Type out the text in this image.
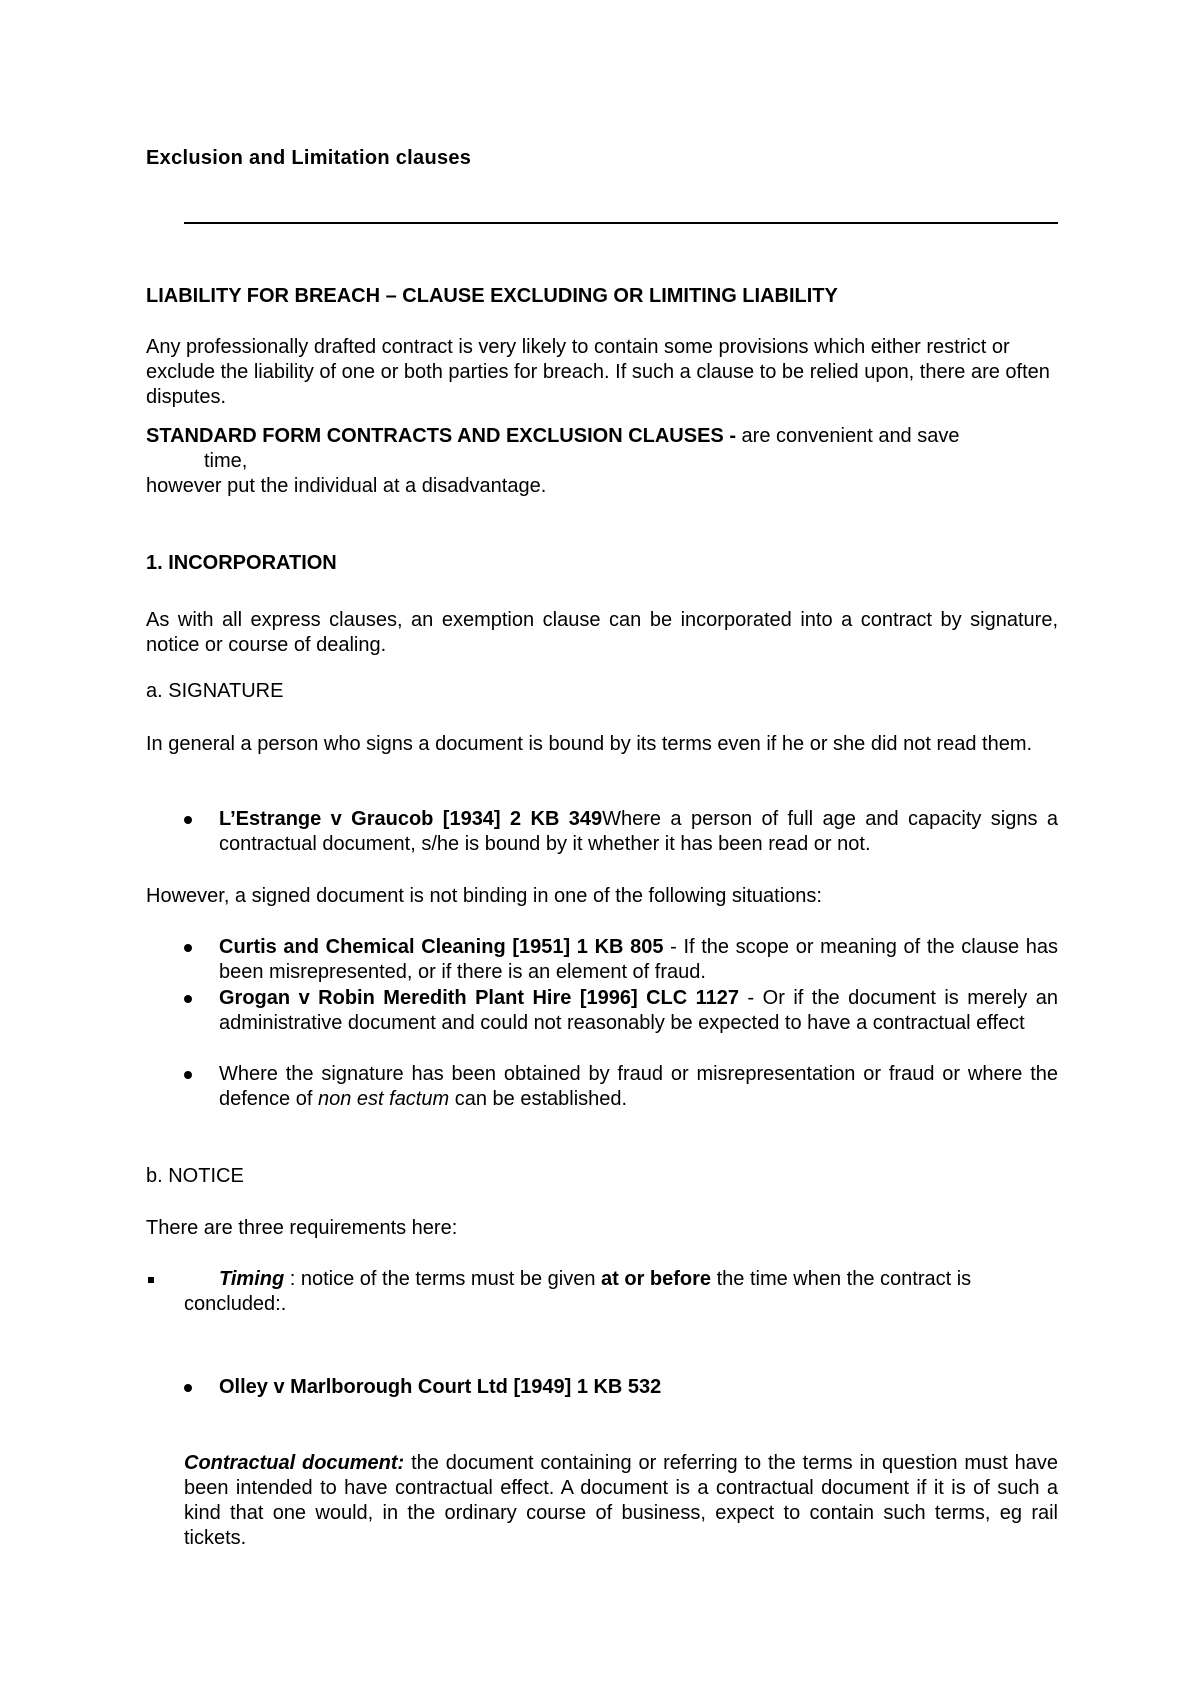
Exclusion and Limitation clauses
LIABILITY FOR BREACH – CLAUSE EXCLUDING OR LIMITING LIABILITY
Any professionally drafted contract is very likely to contain some provisions which either restrict or exclude the liability of one or both parties for breach. If such a clause to be relied upon, there are often disputes.
STANDARD FORM CONTRACTS AND EXCLUSION CLAUSES - are convenient and save
time,
however put the individual at a disadvantage.
1. INCORPORATION
As with all express clauses, an exemption clause can be incorporated into a contract by signature, notice or course of dealing.
a. SIGNATURE
In general a person who signs a document is bound by its terms even if he or she did not read them.
L’Estrange v Graucob [1934] 2 KB 349Where a person of full age and capacity signs a contractual document, s/he is bound by it whether it has been read or not.
However, a signed document is not binding in one of the following situations:
Curtis and Chemical Cleaning [1951] 1 KB 805 - If the scope or meaning of the clause has been misrepresented, or if there is an element of fraud.
Grogan v Robin Meredith Plant Hire [1996] CLC 1127 - Or if the document is merely an administrative document and could not reasonably be expected to have a contractual effect
Where the signature has been obtained by fraud or misrepresentation or fraud or where the defence of non est factum can be established.
b. NOTICE
There are three requirements here:
Timing : notice of the terms must be given at or before the time when the contract is
concluded:.
Olley v Marlborough Court Ltd [1949] 1 KB 532
Contractual document: the document containing or referring to the terms in question must have been intended to have contractual effect. A document is a contractual document if it is of such a kind that one would, in the ordinary course of business, expect to contain such terms, eg rail tickets.
